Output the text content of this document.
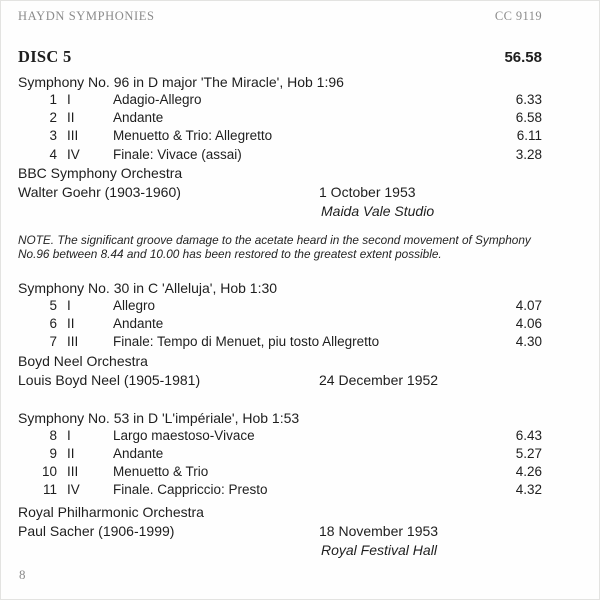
HAYDN SYMPHONIES	CC 9119
DISC 5	56.58
Symphony No. 96 in D major 'The Miracle', Hob 1:96
1 I	Adagio-Allegro	6.33
2 II	Andante	6.58
3 III	Menuetto & Trio: Allegretto	6.11
4 IV	Finale: Vivace (assai)	3.28
BBC Symphony Orchestra
Walter Goehr (1903-1960)	1 October 1953
Maida Vale Studio
NOTE. The significant groove damage to the acetate heard in the second movement of Symphony No.96 between 8.44 and 10.00 has been restored to the greatest extent possible.
Symphony No. 30 in C 'Alleluja', Hob 1:30
5 I	Allegro	4.07
6 II	Andante	4.06
7 III	Finale: Tempo di Menuet, piu tosto Allegretto	4.30
Boyd Neel Orchestra
Louis Boyd Neel (1905-1981)	24 December 1952
Symphony No. 53 in D 'L'impériale', Hob 1:53
8 I	Largo maestoso-Vivace	6.43
9 II	Andante	5.27
10 III	Menuetto & Trio	4.26
11 IV	Finale. Cappriccio: Presto	4.32
Royal Philharmonic Orchestra
Paul Sacher (1906-1999)	18 November 1953
Royal Festival Hall
8
